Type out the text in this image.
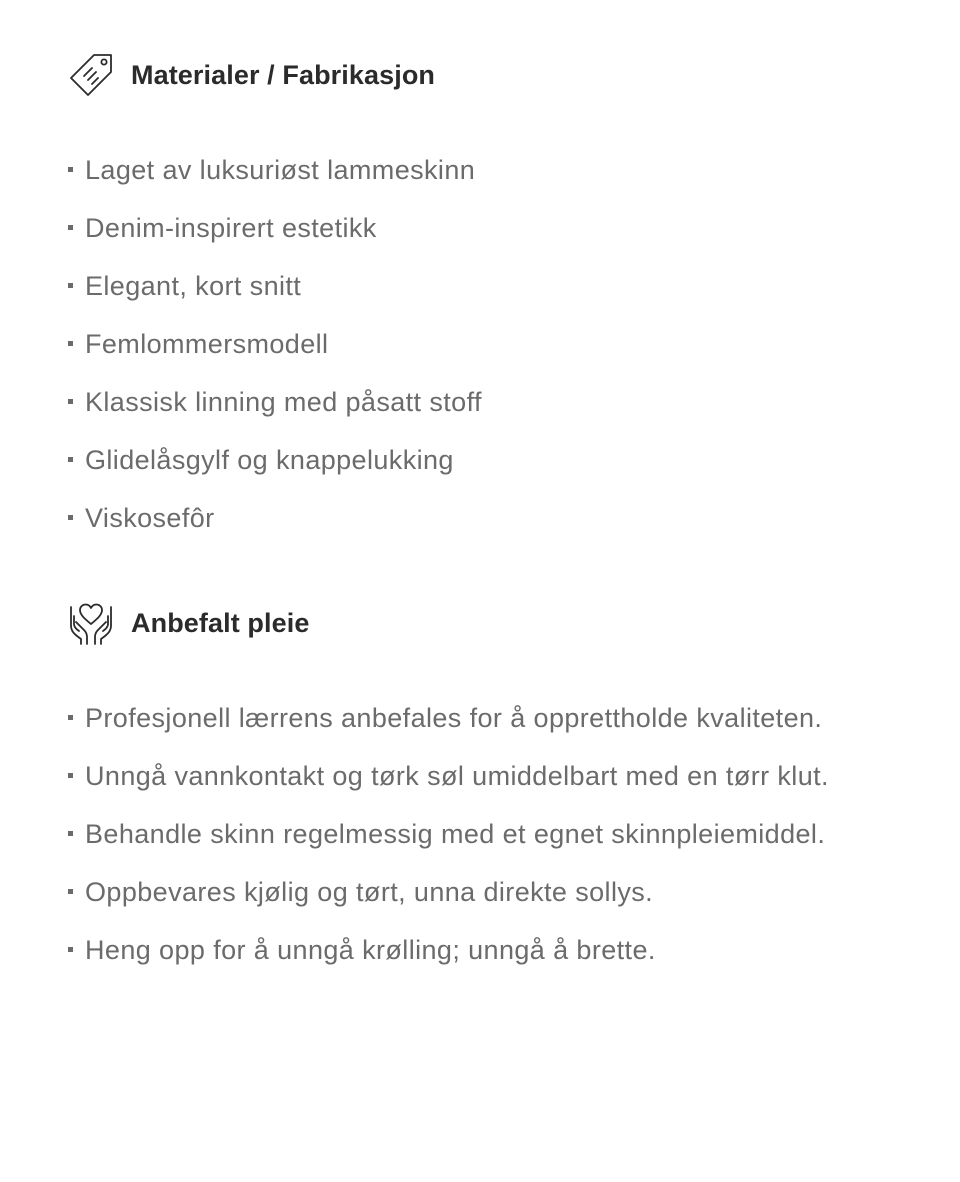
Materialer / Fabrikasjon
Laget av luksuriøst lammeskinn
Denim-inspirert estetikk
Elegant, kort snitt
Femlommersmodell
Klassisk linning med påsatt stoff
Glidelåsgylf og knappelukking
Viskosefôr
Anbefalt pleie
Profesjonell lærrens anbefales for å opprettholde kvaliteten.
Unngå vannkontakt og tørk søl umiddelbart med en tørr klut.
Behandle skinn regelmessig med et egnet skinnpleiemiddel.
Oppbevares kjølig og tørt, unna direkte sollys.
Heng opp for å unngå krølling; unngå å brette.
